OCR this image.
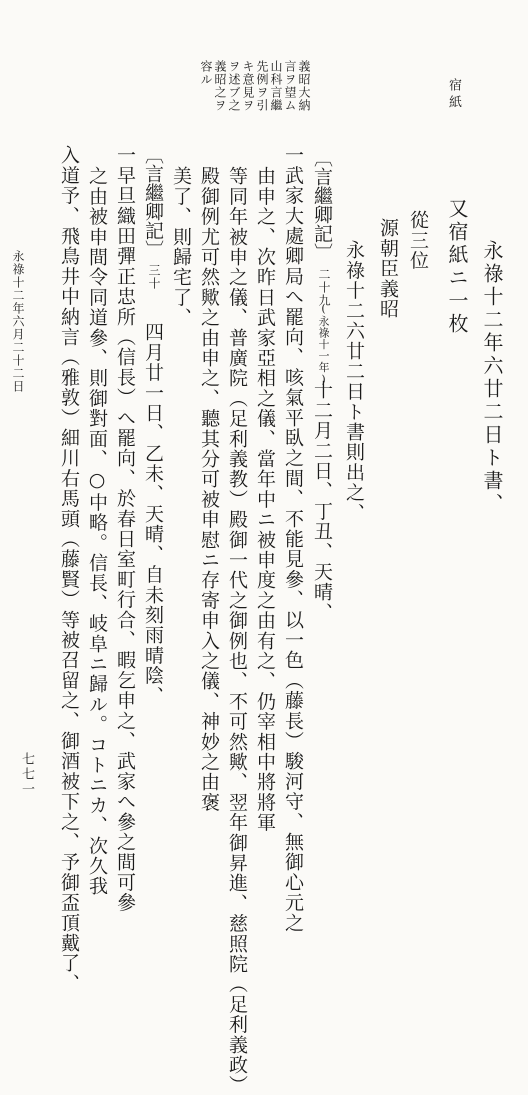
永祿十二年六廿二日ト書、
宿紙
又宿紙ニ一枚
從三位
源朝臣義昭
永祿十二六廿二日ト書則出之、
義昭大納
言ヲ望ム
山科言繼
先例ヲ引
キ意見ヲ
ヲ述ブ之
義昭之ヲ
容ル
〔言繼卿記〕
二十九
(永祿十一年)
十二月二日、丁丑、天晴、
一武家大處卿局へ罷向、咳氣平臥之間、不能見參、以一色（藤長）駿河守、無御心元之
由申之、次昨日武家亞相之儀、當年中ニ被申度之由有之、仍宰相中將將軍
等同年被申之儀、普廣院（足利義教）殿御一代之御例也、不可然歟、翌年御昇進、慈照院（足利義政）
殿御例尤可然歟之由申之、聽其分可被申慰ニ存寄申入之儀、神妙之由褒
美了、則歸宅了、
〔言繼卿記〕
三十
四月廿一日、乙未、天晴、自未刻雨晴陰、
一早旦織田彈正忠所（信長）へ罷向、於春日室町行合、暇乞申之、武家へ參之間可參
之由被申間令同道參、則御對面、○中略。信長、岐阜ニ歸ル。コトニカ、次久我
入道予、飛鳥井中納言（雅敦）細川右馬頭（藤賢）等被召留之、御酒被下之、予御盃頂戴了、
永祿十二年六月二十二日
七七一
